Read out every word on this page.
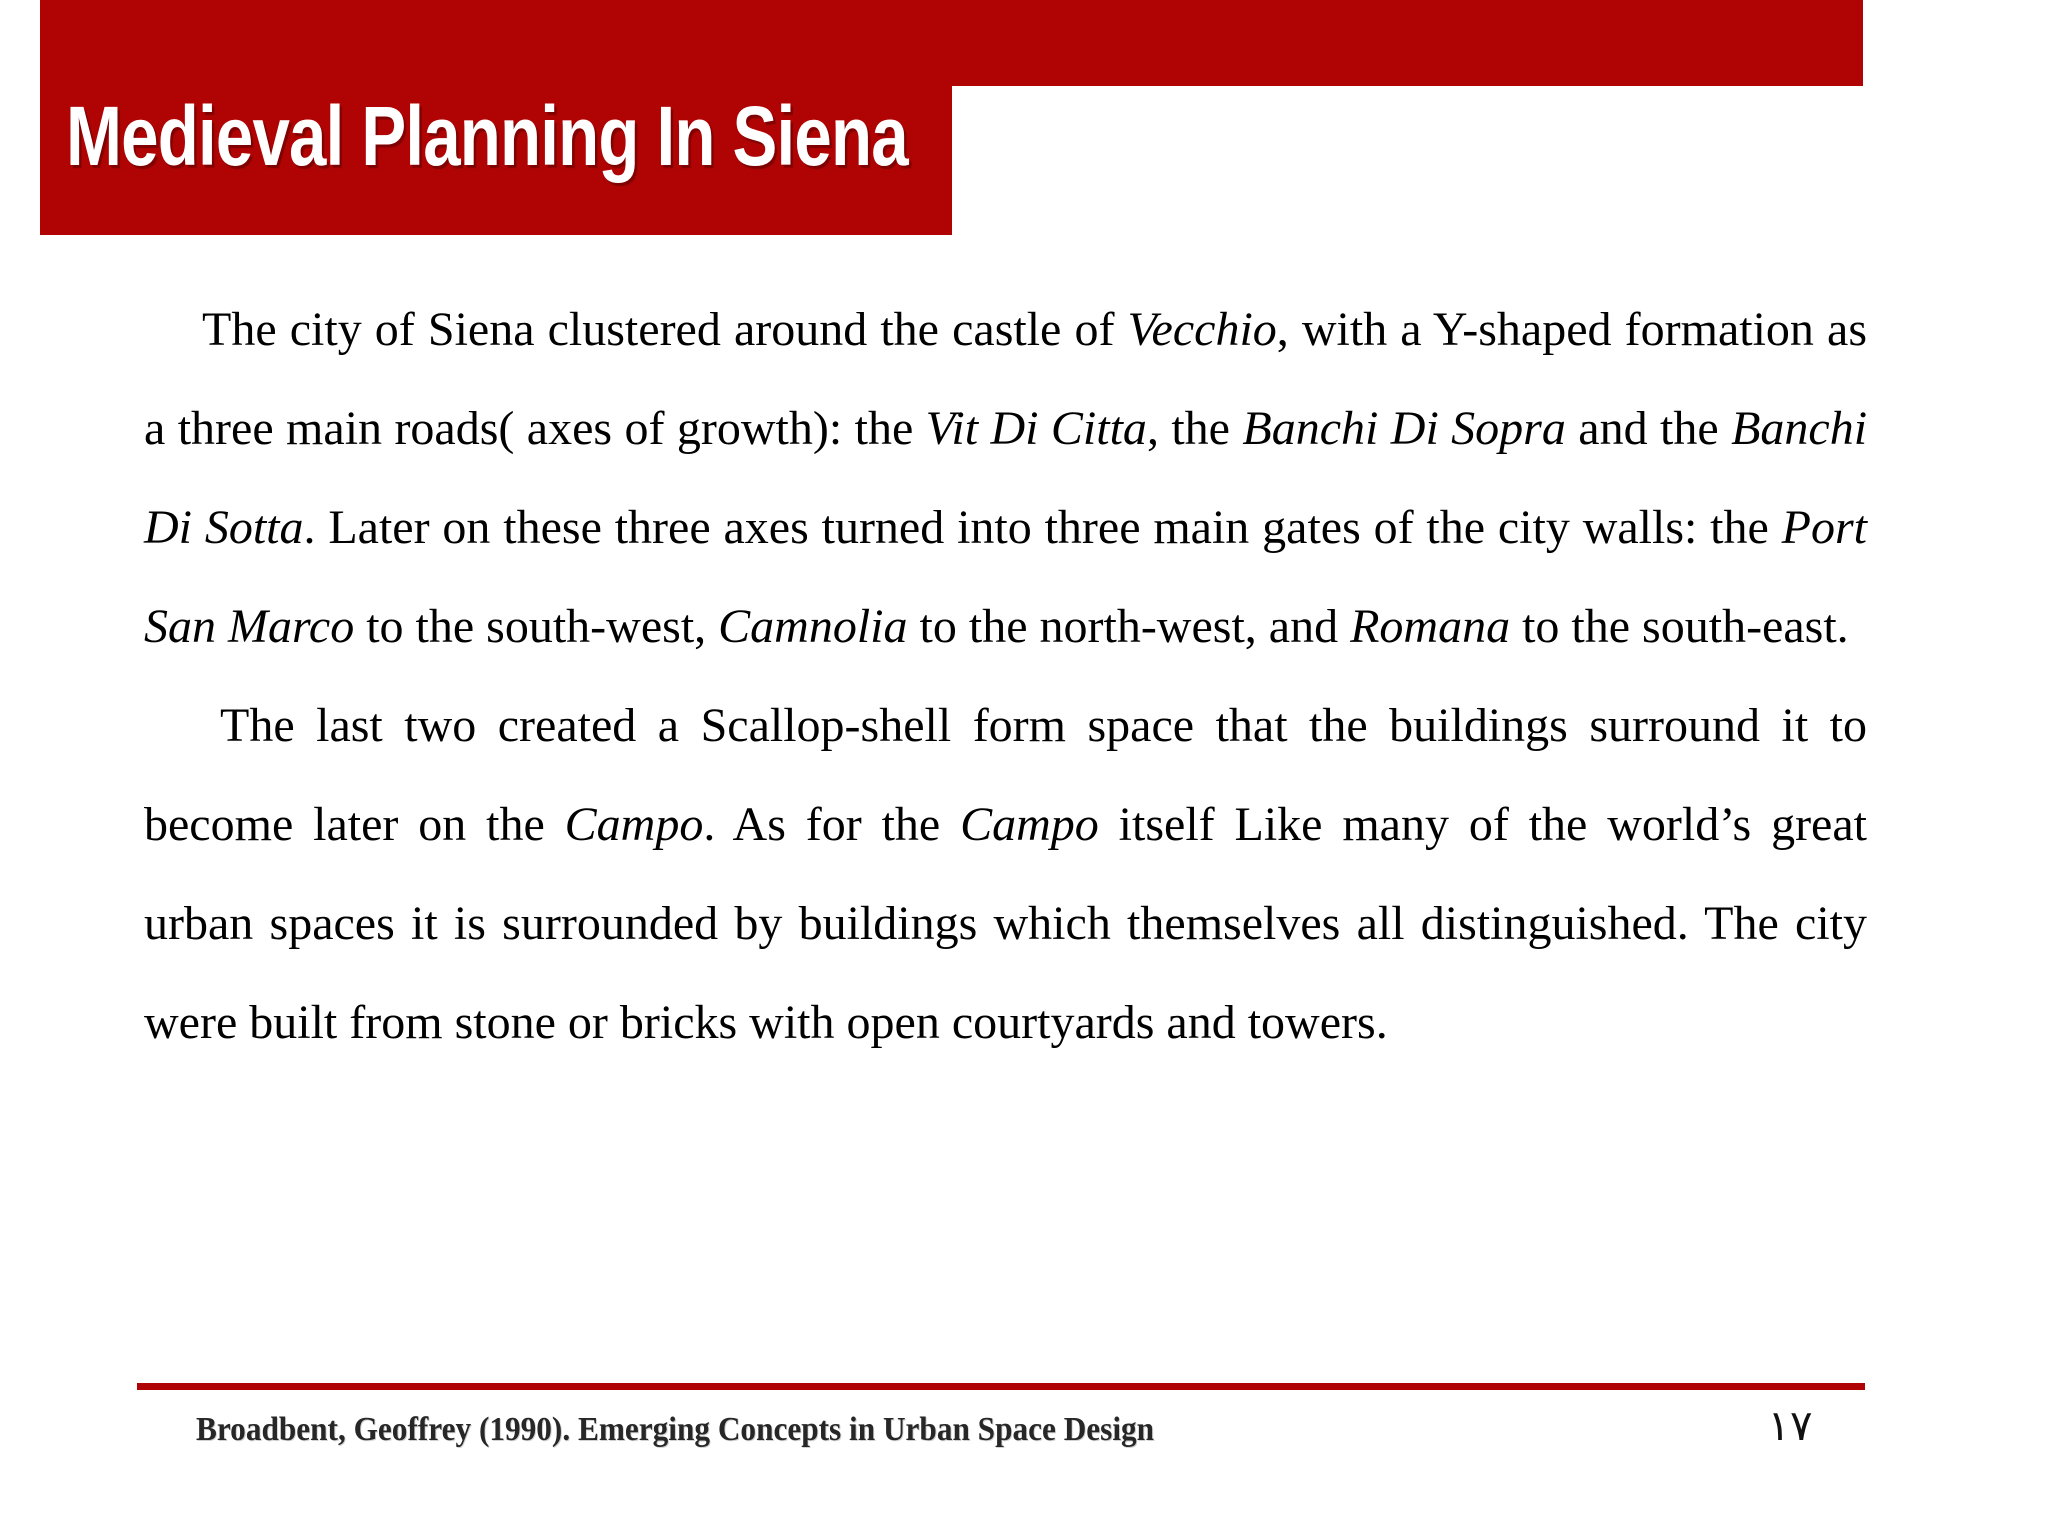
Medieval Planning In Siena

The city of Siena clustered around the castle of Vecchio, with a Y-shaped formation as a three main roads( axes of growth): the Vit Di Citta, the Banchi Di Sopra and the Banchi Di Sotta. Later on these three axes turned into three main gates of the city walls: the Port San Marco to the south-west, Camnolia to the north-west, and Romana to the south-east.

The last two created a Scallop-shell form space that the buildings surround it to become later on the Campo. As for the Campo itself Like many of the world’s great urban spaces it is surrounded by buildings which themselves all distinguished. The city were built from stone or bricks with open courtyards and towers.

Broadbent, Geoffrey (1990). Emerging Concepts in Urban Space Design	١٧
